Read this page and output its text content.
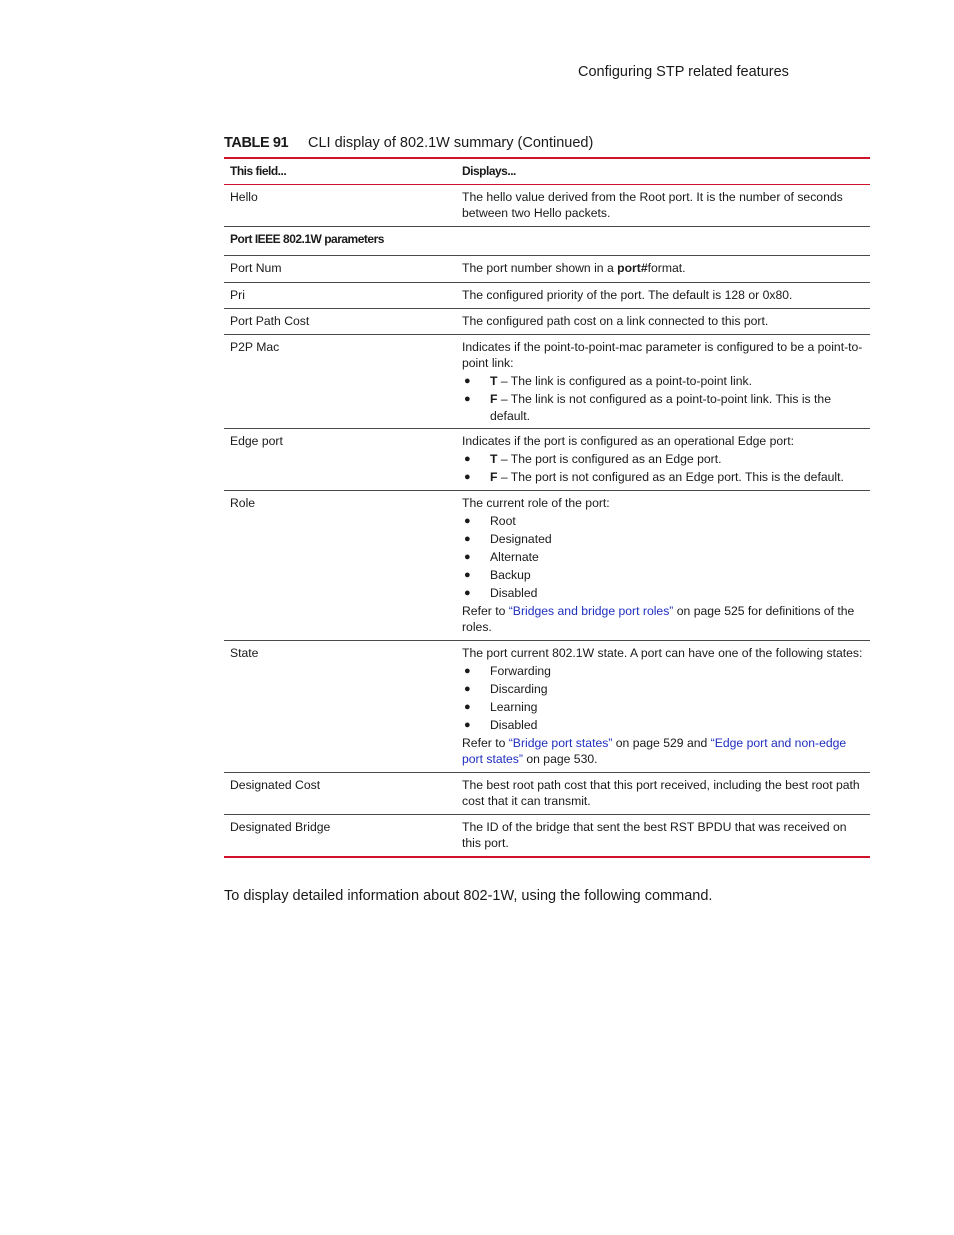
Configuring STP related features
TABLE 91 CLI display of 802.1W summary (Continued)
This field...	Displays...
Hello	The hello value derived from the Root port. It is the number of seconds between two Hello packets.
Port IEEE 802.1W parameters
Port Num	The port number shown in a port#format.
Pri	The configured priority of the port. The default is 128 or 0x80.
Port Path Cost	The configured path cost on a link connected to this port.
P2P Mac	Indicates if the point-to-point-mac parameter is configured to be a point-to-point link:
●	T – The link is configured as a point-to-point link.
●	F – The link is not configured as a point-to-point link. This is the default.
Edge port	Indicates if the port is configured as an operational Edge port:
●	T – The port is configured as an Edge port.
●	F – The port is not configured as an Edge port. This is the default.
Role	The current role of the port:
●	Root
●	Designated
●	Alternate
●	Backup
●	Disabled
Refer to “Bridges and bridge port roles” on page 525 for definitions of the roles.
State	The port current 802.1W state. A port can have one of the following states:
●	Forwarding
●	Discarding
●	Learning
●	Disabled
Refer to “Bridge port states” on page 529 and “Edge port and non-edge port states” on page 530.
Designated Cost	The best root path cost that this port received, including the best root path cost that it can transmit.
Designated Bridge	The ID of the bridge that sent the best RST BPDU that was received on this port.
To display detailed information about 802-1W, using the following command.
